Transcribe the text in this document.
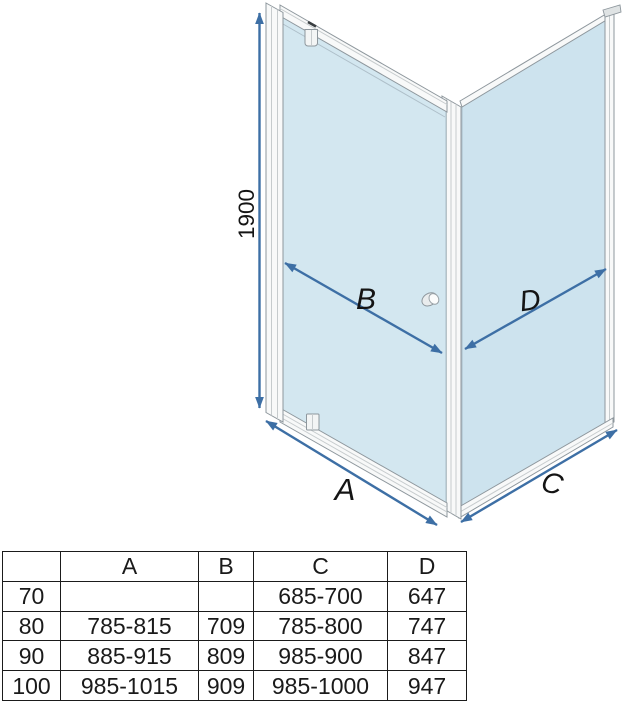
1900
B	D
A	C
	A	B	C	D
70			685-700	647
80	785-815	709	785-800	747
90	885-915	809	985-900	847
100	985-1015	909	985-1000	947
